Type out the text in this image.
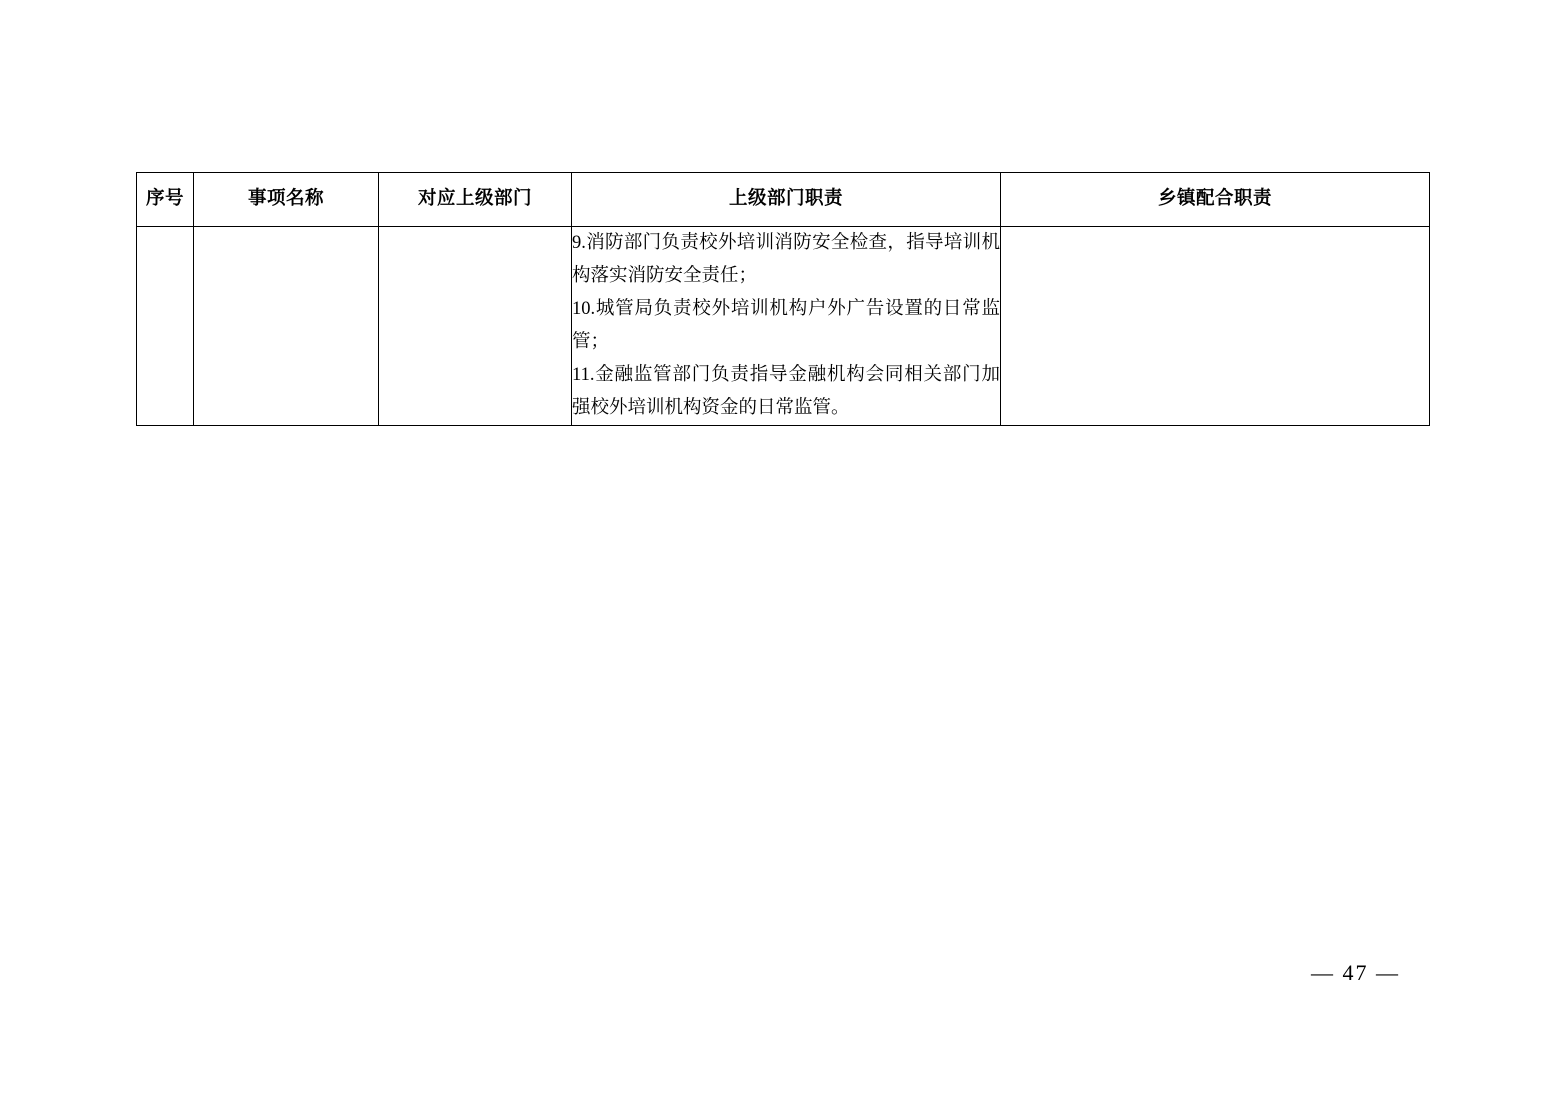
序号	事项名称	对应上级部门	上级部门职责	乡镇配合职责

			9.消防部门负责校外培训消防安全检查，指导培训机构落实消防安全责任；
10.城管局负责校外培训机构户外广告设置的日常监管；
11.金融监管部门负责指导金融机构会同相关部门加强校外培训机构资金的日常监管。	

— 47 —
